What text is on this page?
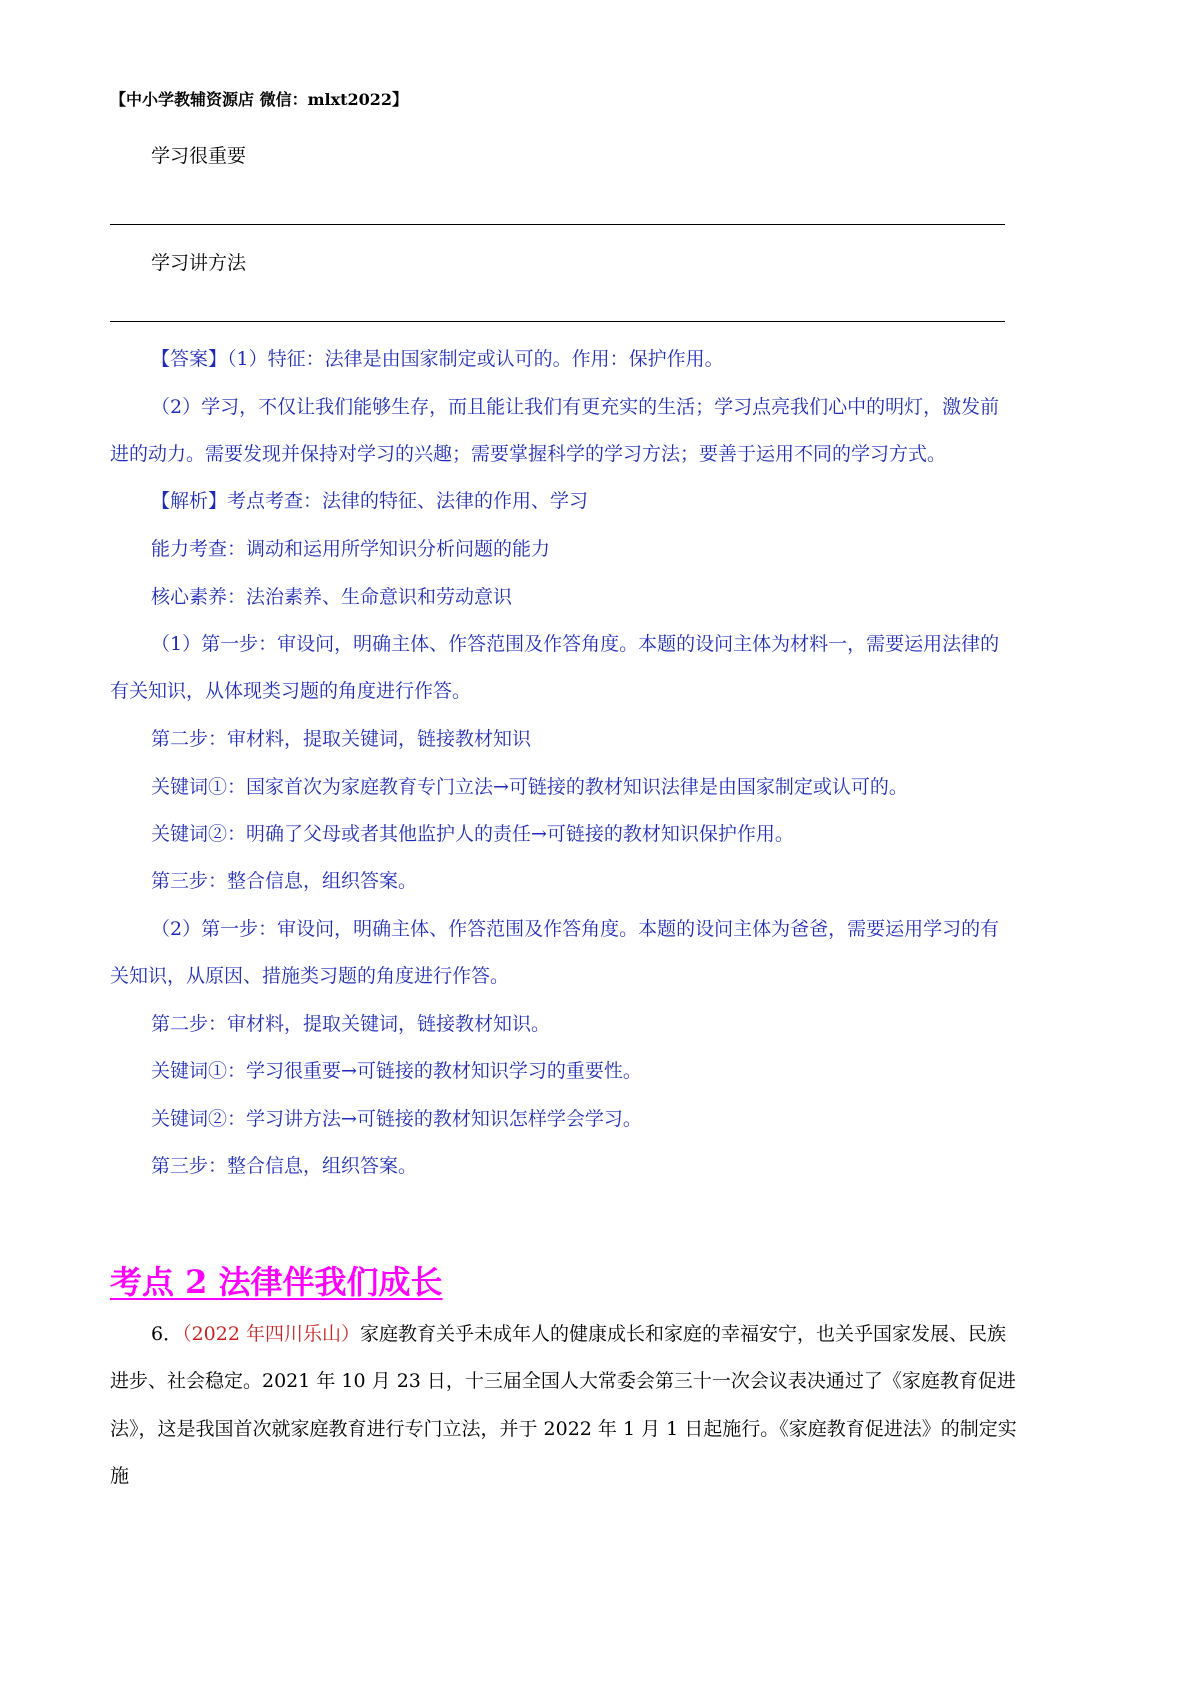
【中小学教辅资源店 微信：mlxt2022】
学习很重要
学习讲方法
【答案】（1）特征：法律是由国家制定或认可的。作用：保护作用。
（2）学习，不仅让我们能够生存，而且能让我们有更充实的生活；学习点亮我们心中的明灯，激发前
进的动力。需要发现并保持对学习的兴趣；需要掌握科学的学习方法；要善于运用不同的学习方式。
【解析】考点考查：法律的特征、法律的作用、学习
能力考查：调动和运用所学知识分析问题的能力
核心素养：法治素养、生命意识和劳动意识
（1）第一步：审设问，明确主体、作答范围及作答角度。本题的设问主体为材料一，需要运用法律的
有关知识，从体现类习题的角度进行作答。
第二步：审材料，提取关键词，链接教材知识
关键词①：国家首次为家庭教育专门立法→可链接的教材知识法律是由国家制定或认可的。
关键词②：明确了父母或者其他监护人的责任→可链接的教材知识保护作用。
第三步：整合信息，组织答案。
（2）第一步：审设问，明确主体、作答范围及作答角度。本题的设问主体为爸爸，需要运用学习的有
关知识，从原因、措施类习题的角度进行作答。
第二步：审材料，提取关键词，链接教材知识。
关键词①：学习很重要→可链接的教材知识学习的重要性。
关键词②：学习讲方法→可链接的教材知识怎样学会学习。
第三步：整合信息，组织答案。
考点 2 法律伴我们成长
6．（2022 年四川乐山）家庭教育关乎未成年人的健康成长和家庭的幸福安宁，也关乎国家发展、民族
进步、社会稳定。2021 年 10 月 23 日，十三届全国人大常委会第三十一次会议表决通过了《家庭教育促进
法》，这是我国首次就家庭教育进行专门立法，并于 2022 年 1 月 1 日起施行。《家庭教育促进法》的制定实
施
